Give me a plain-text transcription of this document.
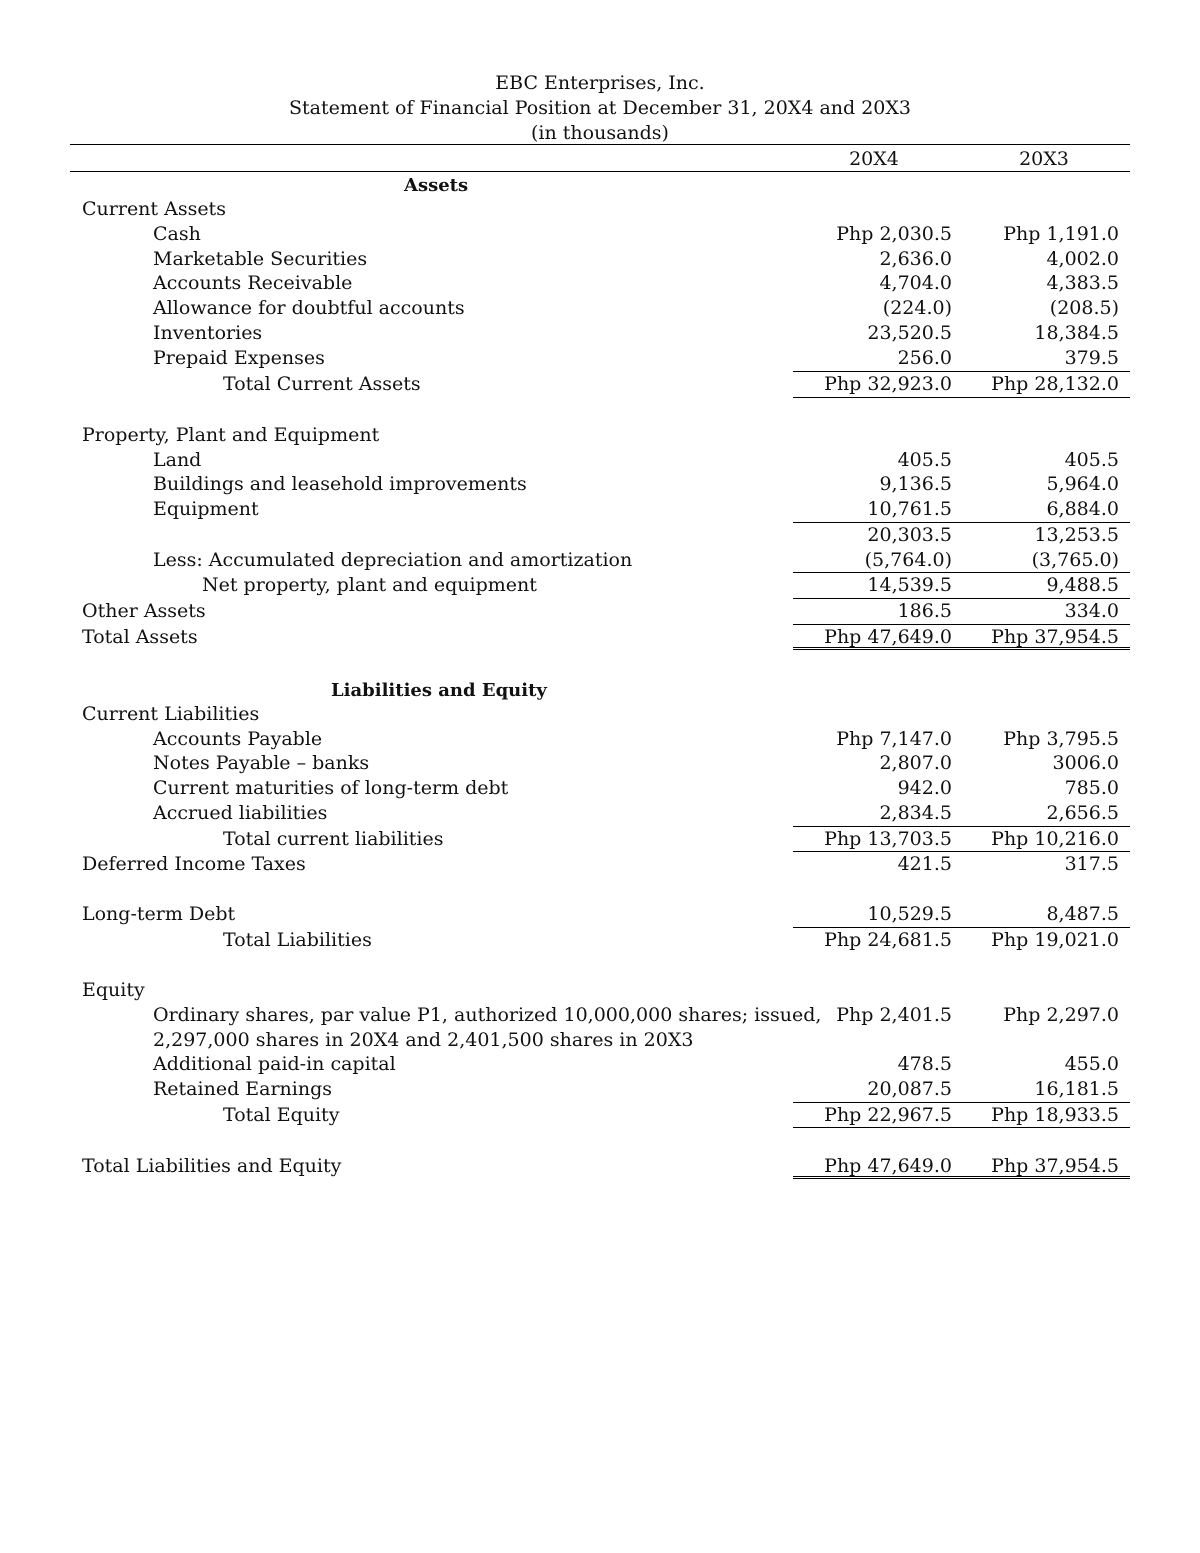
EBC Enterprises, Inc.
Statement of Financial Position at December 31, 20X4 and 20X3
(in thousands)
20X4	20X3
Assets
Current Assets
Cash	Php 2,030.5	Php 1,191.0
Marketable Securities	2,636.0	4,002.0
Accounts Receivable	4,704.0	4,383.5
Allowance for doubtful accounts	(224.0)	(208.5)
Inventories	23,520.5	18,384.5
Prepaid Expenses	256.0	379.5
Total Current Assets	Php 32,923.0	Php 28,132.0
Property, Plant and Equipment
Land	405.5	405.5
Buildings and leasehold improvements	9,136.5	5,964.0
Equipment	10,761.5	6,884.0
20,303.5	13,253.5
Less: Accumulated depreciation and amortization	(5,764.0)	(3,765.0)
Net property, plant and equipment	14,539.5	9,488.5
Other Assets	186.5	334.0
Total Assets	Php 47,649.0	Php 37,954.5
Liabilities and Equity
Current Liabilities
Accounts Payable	Php 7,147.0	Php 3,795.5
Notes Payable – banks	2,807.0	3006.0
Current maturities of long-term debt	942.0	785.0
Accrued liabilities	2,834.5	2,656.5
Total current liabilities	Php 13,703.5	Php 10,216.0
Deferred Income Taxes	421.5	317.5
Long-term Debt	10,529.5	8,487.5
Total Liabilities	Php 24,681.5	Php 19,021.0
Equity
Ordinary shares, par value P1, authorized 10,000,000 shares; issued, Php 2,401.5	Php 2,297.0
2,297,000 shares in 20X4 and 2,401,500 shares in 20X3
Additional paid-in capital	478.5	455.0
Retained Earnings	20,087.5	16,181.5
Total Equity	Php 22,967.5	Php 18,933.5
Total Liabilities and Equity	Php 47,649.0	Php 37,954.5
